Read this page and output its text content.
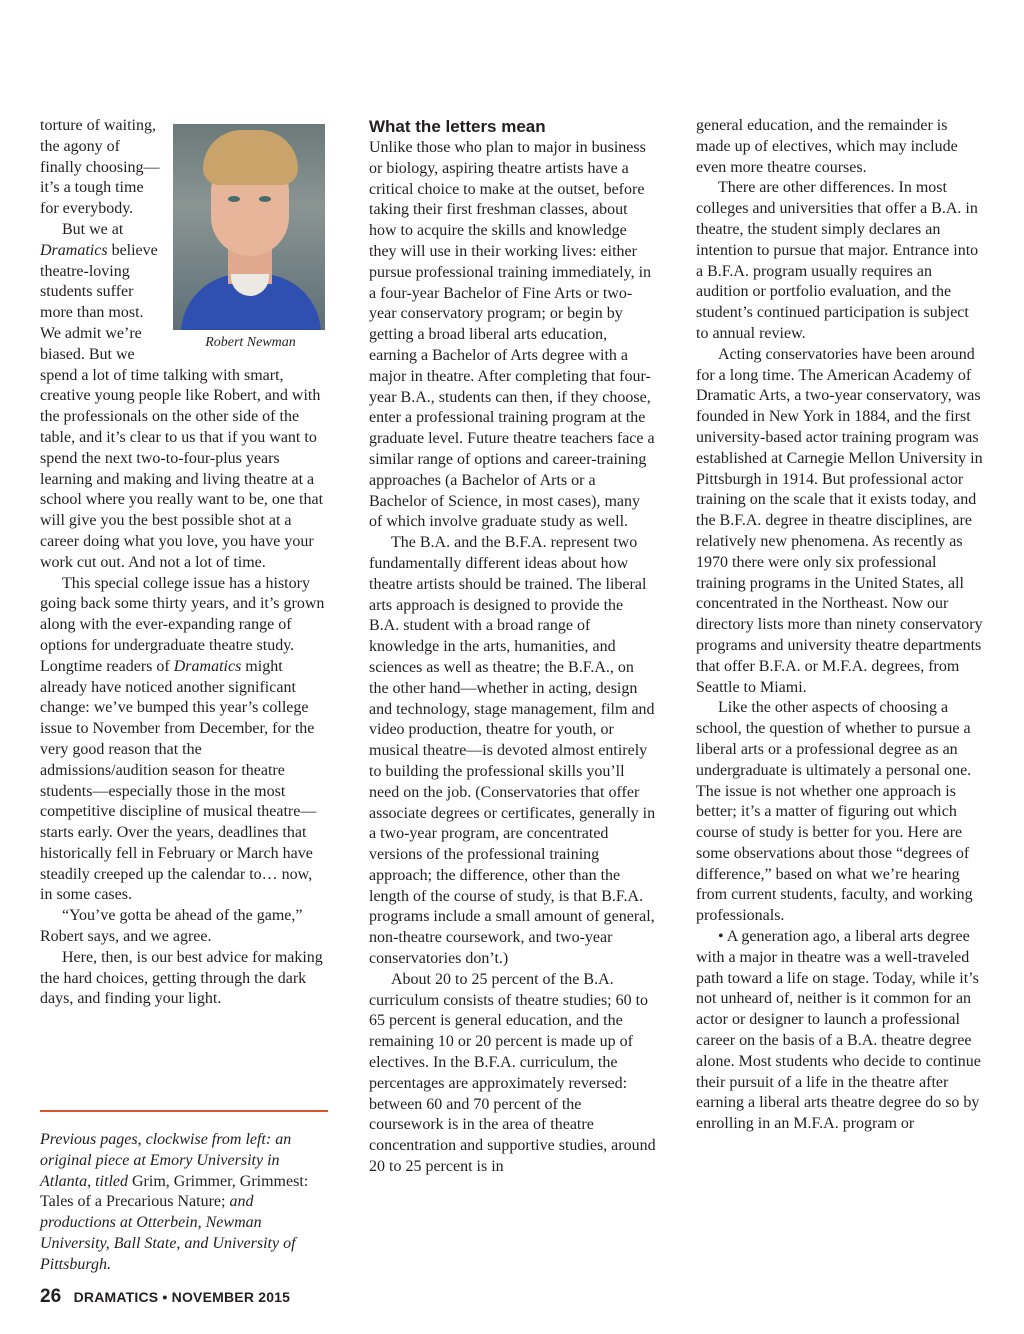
Robert Newman

torture of waiting, the agony of finally choosing—it’s a tough time for everybody.

But we at Dramatics believe theatre-loving students suffer more than most. We admit we’re biased. But we spend a lot of time talking with smart, creative young people like Robert, and with the professionals on the other side of the table, and it’s clear to us that if you want to spend the next two-to-four-plus years learning and making and living theatre at a school where you really want to be, one that will give you the best possible shot at a career doing what you love, you have your work cut out. And not a lot of time.

This special college issue has a history going back some thirty years, and it’s grown along with the ever-expanding range of options for undergraduate theatre study. Longtime readers of Dramatics might already have noticed another significant change: we’ve bumped this year’s college issue to November from December, for the very good reason that the admissions/audition season for theatre students—especially those in the most competitive discipline of musical theatre—starts early. Over the years, deadlines that historically fell in February or March have steadily creeped up the calendar to… now, in some cases.

“You’ve gotta be ahead of the game,” Robert says, and we agree.

Here, then, is our best advice for making the hard choices, getting through the dark days, and finding your light.

Previous pages, clockwise from left: an original piece at Emory University in Atlanta, titled Grim, Grimmer, Grimmest: Tales of a Precarious Nature; and productions at Otterbein, Newman University, Ball State, and University of Pittsburgh.
What the letters mean

Unlike those who plan to major in business or biology, aspiring theatre artists have a critical choice to make at the outset, before taking their first freshman classes, about how to acquire the skills and knowledge they will use in their working lives: either pursue professional training immediately, in a four-year Bachelor of Fine Arts or two-year conservatory program; or begin by getting a broad liberal arts education, earning a Bachelor of Arts degree with a major in theatre. After completing that four-year B.A., students can then, if they choose, enter a professional training program at the graduate level. Future theatre teachers face a similar range of options and career-training approaches (a Bachelor of Arts or a Bachelor of Science, in most cases), many of which involve graduate study as well.

The B.A. and the B.F.A. represent two fundamentally different ideas about how theatre artists should be trained. The liberal arts approach is designed to provide the B.A. student with a broad range of knowledge in the arts, humanities, and sciences as well as theatre; the B.F.A., on the other hand—whether in acting, design and technology, stage management, film and video production, theatre for youth, or musical theatre—is devoted almost entirely to building the professional skills you’ll need on the job. (Conservatories that offer associate degrees or certificates, generally in a two-year program, are concentrated versions of the professional training approach; the difference, other than the length of the course of study, is that B.F.A. programs include a small amount of general, non-theatre coursework, and two-year conservatories don’t.)

About 20 to 25 percent of the B.A. curriculum consists of theatre studies; 60 to 65 percent is general education, and the remaining 10 or 20 percent is made up of electives. In the B.F.A. curriculum, the percentages are approximately reversed: between 60 and 70 percent of the coursework is in the area of theatre concentration and supportive studies, around 20 to 25 percent is in

general education, and the remainder is made up of electives, which may include even more theatre courses.

There are other differences. In most colleges and universities that offer a B.A. in theatre, the student simply declares an intention to pursue that major. Entrance into a B.F.A. program usually requires an audition or portfolio evaluation, and the student’s continued participation is subject to annual review.

Acting conservatories have been around for a long time. The American Academy of Dramatic Arts, a two-year conservatory, was founded in New York in 1884, and the first university-based actor training program was established at Carnegie Mellon University in Pittsburgh in 1914. But professional actor training on the scale that it exists today, and the B.F.A. degree in theatre disciplines, are relatively new phenomena. As recently as 1970 there were only six professional training programs in the United States, all concentrated in the Northeast. Now our directory lists more than ninety conservatory programs and university theatre departments that offer B.F.A. or M.F.A. degrees, from Seattle to Miami.

Like the other aspects of choosing a school, the question of whether to pursue a liberal arts or a professional degree as an undergraduate is ultimately a personal one. The issue is not whether one approach is better; it’s a matter of figuring out which course of study is better for you. Here are some observations about those “degrees of difference,” based on what we’re hearing from current students, faculty, and working professionals.

• A generation ago, a liberal arts degree with a major in theatre was a well-traveled path toward a life on stage. Today, while it’s not unheard of, neither is it common for an actor or designer to launch a professional career on the basis of a B.A. theatre degree alone. Most students who decide to continue their pursuit of a life in the theatre after earning a liberal arts theatre degree do so by enrolling in an M.F.A. program or

26 DRAMATICS • NOVEMBER 2015
